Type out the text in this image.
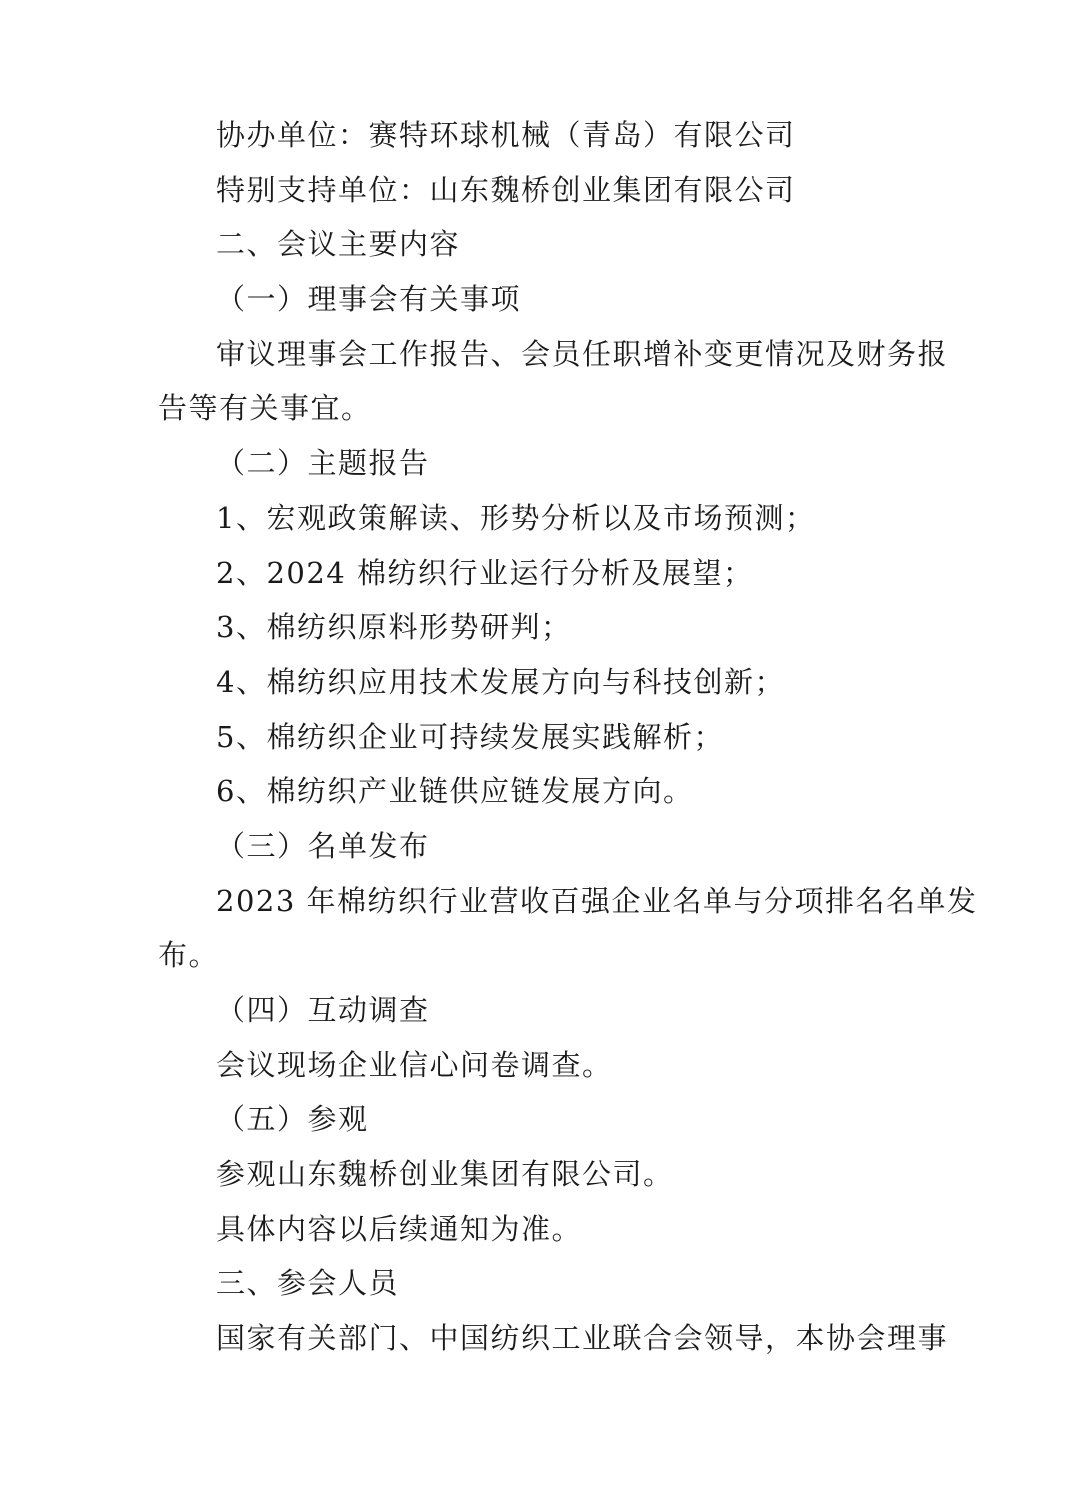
协办单位：赛特环球机械（青岛）有限公司
特别支持单位：山东魏桥创业集团有限公司
二、会议主要内容
（一）理事会有关事项
审议理事会工作报告、会员任职增补变更情况及财务报
告等有关事宜。
（二）主题报告
1、宏观政策解读、形势分析以及市场预测；
2、2024 棉纺织行业运行分析及展望；
3、棉纺织原料形势研判；
4、棉纺织应用技术发展方向与科技创新；
5、棉纺织企业可持续发展实践解析；
6、棉纺织产业链供应链发展方向。
（三）名单发布
2023 年棉纺织行业营收百强企业名单与分项排名名单发
布。
（四）互动调查
会议现场企业信心问卷调查。
（五）参观
参观山东魏桥创业集团有限公司。
具体内容以后续通知为准。
三、参会人员
国家有关部门、中国纺织工业联合会领导，本协会理事
